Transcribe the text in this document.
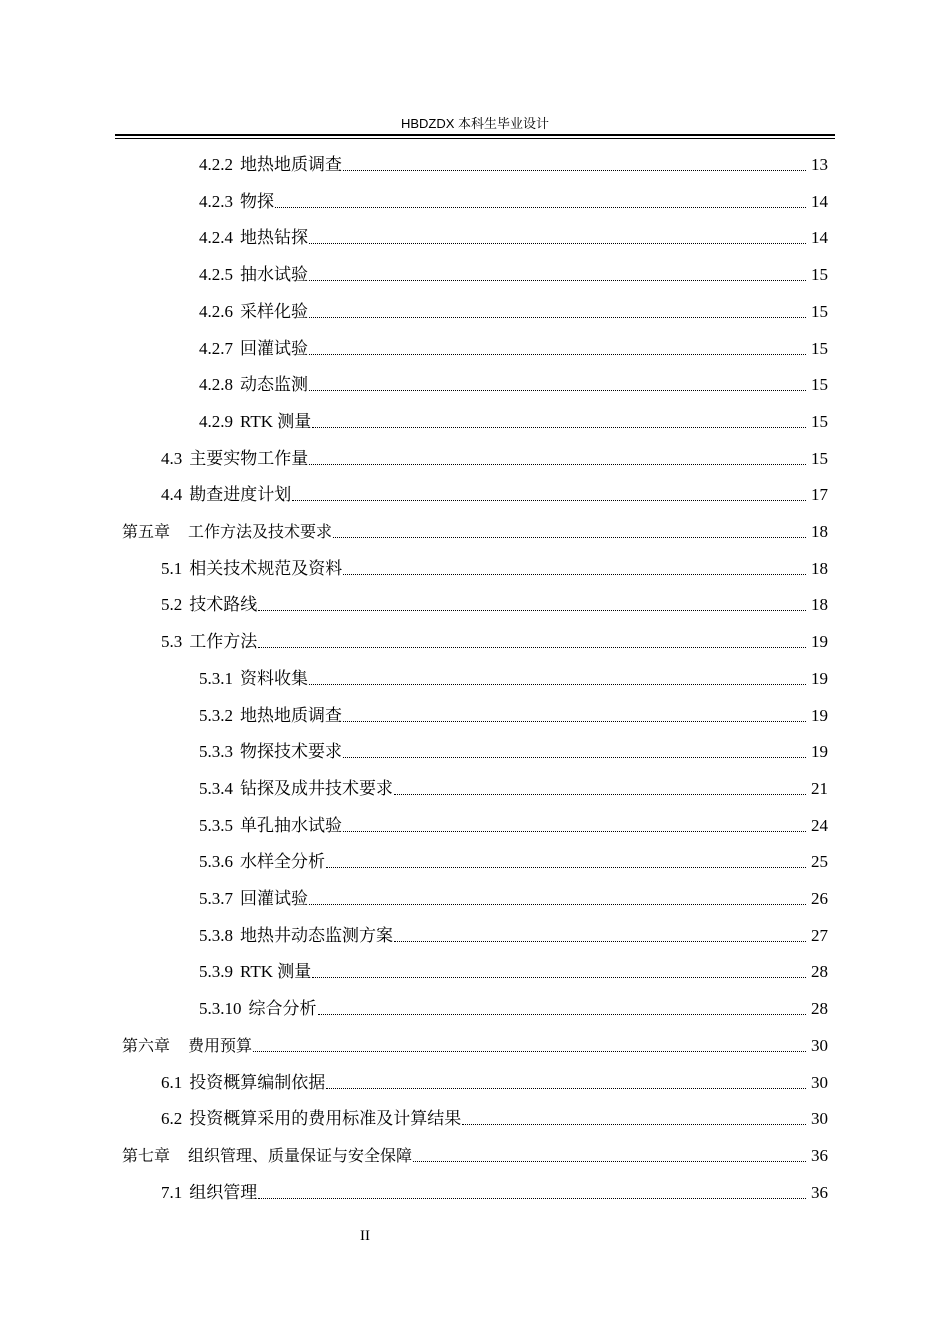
HBDZDX 本科生毕业设计
4.2.2 地热地质调查	13
4.2.3 物探	14
4.2.4 地热钻探	14
4.2.5 抽水试验	15
4.2.6 采样化验	15
4.2.7 回灌试验	15
4.2.8 动态监测	15
4.2.9 RTK 测量	15
4.3 主要实物工作量	15
4.4 勘查进度计划	17
第五章 工作方法及技术要求	18
5.1 相关技术规范及资料	18
5.2 技术路线	18
5.3 工作方法	19
5.3.1 资料收集	19
5.3.2 地热地质调查	19
5.3.3 物探技术要求	19
5.3.4 钻探及成井技术要求	21
5.3.5 单孔抽水试验	24
5.3.6 水样全分析	25
5.3.7 回灌试验	26
5.3.8 地热井动态监测方案	27
5.3.9 RTK 测量	28
5.3.10 综合分析	28
第六章 费用预算	30
6.1 投资概算编制依据	30
6.2 投资概算采用的费用标准及计算结果	30
第七章 组织管理、质量保证与安全保障	36
7.1 组织管理	36
II
